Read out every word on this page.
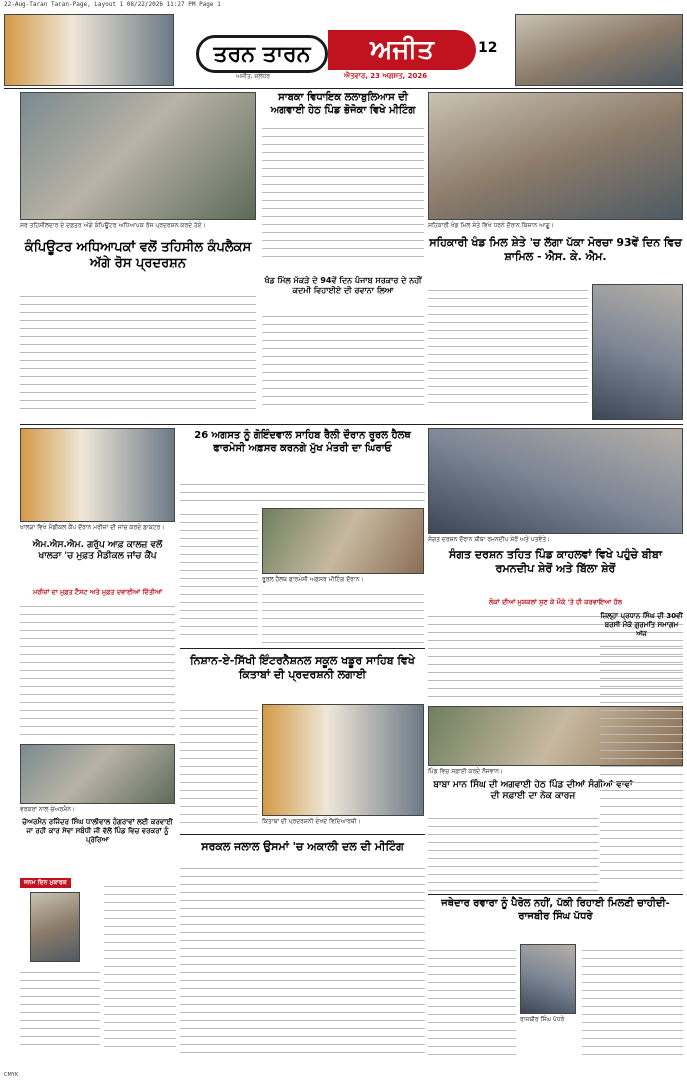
22-Aug-Taran Taran-Page, Layout 1 08/22/2026 11:27 PM Page 1
ਤਰਨ ਤਾਰਨ	ਅਜੀਤ	12
ਅਜੀਤ, ਜਲੰਧਰ	ਐਤਵਾਰ, 23 ਅਗਸਤ, 2026
ਸਰ ਤਹਿਸੀਲਦਾਰ ਦੇ ਦਫ਼ਤਰ ਅੱਗੇ ਕੰਪਿਊਟਰ ਅਧਿਆਪਕ ਰੋਸ ਪ੍ਰਦਰਸ਼ਨ ਕਰਦੇ ਹੋਏ।
ਕੰਪਿਊਟਰ ਅਧਿਆਪਕਾਂ ਵਲੋਂ ਤਹਿਸੀਲ ਕੰਪਲੈਕਸ ਅੱਗੇ ਰੋਸ ਪ੍ਰਦਰਸ਼ਨ
ਸਾਬਕਾ ਵਿਧਾਇਕ ਲਲਾਬੁਲਿਆਸ ਦੀ ਅਗਵਾਈ ਹੇਠ ਪਿੰਡ ਭੋਜੋਕਾ ਵਿਖੇ ਮੀਟਿੰਗ
ਖੰਡ ਮਿੱਲ ਮੱਕੜੇ ਦੇ 94ਵੇਂ ਦਿਨ ਪੰਜਾਬ ਸਰਕਾਰ ਦੇ ਨਹੀਂ ਕਦਮੀ ਵਿਹਾਈਏ ਦੀ ਰਵਾਨਾ ਲਿਆ
ਸਹਿਕਾਰੀ ਖੰਡ ਮਿਲ ਸ਼ੇਤੇ ਵਿਖੇ ਧਰਨੇ ਦੌਰਾਨ ਕਿਸਾਨ ਆਗੂ।
ਸਹਿਕਾਰੀ ਖੰਡ ਮਿਲ ਸ਼ੇਤੇ 'ਚ ਲੱਗਾ ਪੱਕਾ ਮੋਰਚਾ 93ਵੇਂ ਦਿਨ ਵਿਚ ਸ਼ਾਮਿਲ - ਐਸ. ਕੇ. ਐਮ.
26 ਅਗਸਤ ਨੂੰ ਗੋਇੰਦਵਾਲ ਸਾਹਿਬ ਰੈਲੀ ਦੌਰਾਨ ਰੂਰਲ ਹੈਲਥ ਫਾਰਮੇਸੀ ਅਫ਼ਸਰ ਕਰਨਗੇ ਮੁੱਖ ਮੰਤਰੀ ਦਾ ਘਿਰਾਓ
ਰੂਰਲ ਹੈਲਥ ਫਾਰਮੇਸੀ ਅਫ਼ਸਰ ਮੀਟਿੰਗ ਦੌਰਾਨ।
ਖਾਲੜਾ ਵਿਖੇ ਮੈਡੀਕਲ ਕੈਂਪ ਦੌਰਾਨ ਮਰੀਜ਼ਾਂ ਦੀ ਜਾਂਚ ਕਰਦੇ ਡਾਕਟਰ।
ਐਮ.ਐਸ.ਐਮ. ਗਰੁੱਪ ਆਫ਼ ਕਾਲਜ਼ ਵਲੋਂ ਖਾਲੜਾ 'ਚ ਮੁਫ਼ਤ ਮੈਡੀਕਲ ਜਾਂਚ ਕੈਂਪ
ਮਰੀਜ਼ਾਂ ਦਾ ਮੁਫ਼ਤ ਟੈਸਟ ਅਤੇ ਮੁਫ਼ਤ ਦਵਾਈਆਂ ਦਿੱਤੀਆਂ
ਸੰਗਤ ਦਰਸ਼ਨ ਦੌਰਾਨ ਬੀਬਾ ਰਮਨਦੀਪ ਸ਼ੇਰੋਂ ਅਤੇ ਪਤਵੰਤੇ।
ਸੰਗਤ ਦਰਸ਼ਨ ਤਹਿਤ ਪਿੰਡ ਕਾਹਲਵਾਂ ਵਿਖੇ ਪਹੁੰਚੇ ਬੀਬਾ ਰਮਨਦੀਪ ਸ਼ੇਰੋਂ ਅਤੇ ਬਿੱਲਾ ਸ਼ੇਰੋਂ
ਲੋਕਾਂ ਦੀਆਂ ਮੁਸ਼ਕਲਾਂ ਸੁਣ ਕੇ ਮੌਕੇ 'ਤੇ ਹੀ ਕਰਵਾਇਆ ਹੱਲ
ਨਿਸ਼ਾਨ-ਏ-ਸਿੱਖੀ ਇੰਟਰਨੈਸ਼ਨਲ ਸਕੂਲ ਖਡੂਰ ਸਾਹਿਬ ਵਿਖੇ ਕਿਤਾਬਾਂ ਦੀ ਪ੍ਰਦਰਸ਼ਨੀ ਲਗਾਈ
ਕਿਤਾਬਾਂ ਦੀ ਪ੍ਰਦਰਸ਼ਨੀ ਦੇਖਦੇ ਵਿਦਿਆਰਥੀ।
ਪਿੰਡ ਵਿਚ ਸਫ਼ਾਈ ਕਰਦੇ ਨੌਜਵਾਨ।
ਬਾਬਾ ਮਾਨ ਸਿੰਘ ਦੀ ਅਗਵਾਈ ਹੇਠ ਪਿੰਡ ਦੀਆਂ ਸੰਗੀਆਂ ਵਾਵਾਂ ਦੀ ਸਫ਼ਾਈ ਦਾ ਨੇਕ ਕਾਰਜ
ਜ਼ਿਲ੍ਹਾ ਪ੍ਰਧਾਨ ਸਿੰਘ ਦੀ 30ਵੀਂ ਬਰਸੀ ਮੌਕੇ ਗੁਰਮਤਿ ਸਮਾਗਮ ਅੱਜ
ਵਰਕਰਾਂ ਨਾਲ ਚੇਅਰਮੈਨ।
ਚੇਅਰਮੈਨ ਰਜਿੰਦਰ ਸਿੰਘ ਧਾਲੀਵਾਲ ਹੰਗਰਾਵਾਂ ਲਈ ਕਰਵਾਈ ਜਾ ਰਹੀ ਕਾਰ ਸੇਵਾ ਸਬੰਧੀ ਜੀ ਵੱਲੋਂ ਪਿੰਡ ਵਿਚ ਵਰਕਰਾਂ ਨੂੰ ਪ੍ਰੇਰਿਆ
ਜਨਮ ਦਿਨ ਮੁਬਾਰਕ
ਸਰਕਲ ਜਲਾਲ ਉਸਮਾਂ 'ਚ ਅਕਾਲੀ ਦਲ ਦੀ ਮੀਟਿੰਗ
ਜਥੇਦਾਰ ਰਵਾਰਾ ਨੂੰ ਪੈਰੋਲ ਨਹੀਂ, ਪੱਕੀ ਰਿਹਾਈ ਮਿਲਣੀ ਚਾਹੀਦੀ- ਰਾਜਬੀਰ ਸਿੰਘ ਪੱਧਰੇ
ਰਾਜਬੀਰ ਸਿੰਘ ਪੱਧਰੇ
CMYK
